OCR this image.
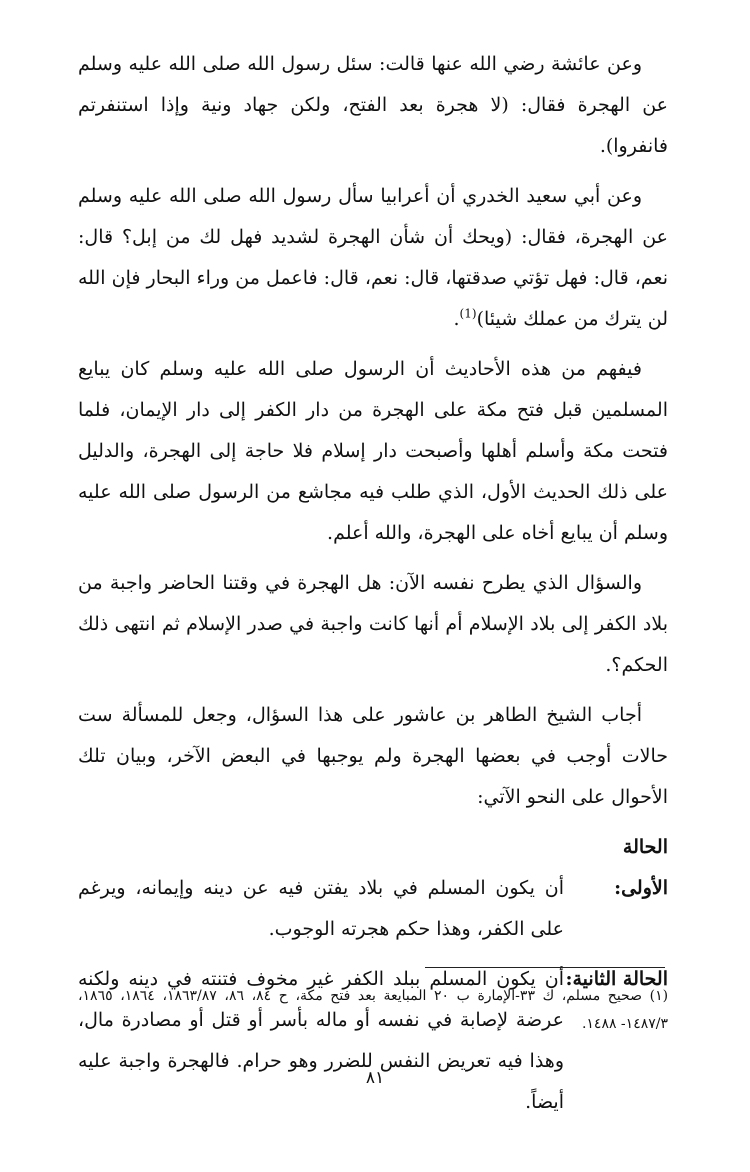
وعن عائشة رضي الله عنها قالت: سئل رسول الله صلى الله عليه وسلم عن الهجرة فقال: (لا هجرة بعد الفتح، ولكن جهاد ونية وإذا استنفرتم فانفروا).

وعن أبي سعيد الخدري أن أعرابيا سأل رسول الله صلى الله عليه وسلم عن الهجرة، فقال: (ويحك أن شأن الهجرة لشديد فهل لك من إبل؟ قال: نعم، قال: فهل تؤتي صدقتها، قال: نعم، قال: فاعمل من وراء البحار فإن الله لن يترك من عملك شيئا)$^{(1)}$.

فيفهم من هذه الأحاديث أن الرسول صلى الله عليه وسلم كان يبايع المسلمين قبل فتح مكة على الهجرة من دار الكفر إلى دار الإيمان، فلما فتحت مكة وأسلم أهلها وأصبحت دار إسلام فلا حاجة إلى الهجرة، والدليل على ذلك الحديث الأول، الذي طلب فيه مجاشع من الرسول صلى الله عليه وسلم أن يبايع أخاه على الهجرة، والله أعلم.

والسؤال الذي يطرح نفسه الآن: هل الهجرة في وقتنا الحاضر واجبة من بلاد الكفر إلى بلاد الإسلام أم أنها كانت واجبة في صدر الإسلام ثم انتهى ذلك الحكم؟.

أجاب الشيخ الطاهر بن عاشور على هذا السؤال، وجعل للمسألة ست حالات أوجب في بعضها الهجرة ولم يوجبها في البعض الآخر، وبيان تلك الأحوال على النحو الآتي:

الحالة الأولى:أن يكون المسلم في بلاد يفتن فيه عن دينه وإيمانه، ويرغم على الكفر، وهذا حكم هجرته الوجوب.

الحالة الثانية:أن يكون المسلم ببلد الكفر غير مخوف فتنته في دينه ولكنه عرضة لإصابة في نفسه أو ماله بأسر أو قتل أو مصادرة مال، وهذا فيه تعريض النفس للضرر وهو حرام. فالهجرة واجبة عليه أيضاً.

(١) صحيح مسلم، ك ٣٣-الإمارة ب ٢٠ المبايعة بعد فتح مكة، ح ٨٤، ٨٦، ١٨٦٣/٨٧، ١٨٦٤، ١٨٦٥، ١٤٨٧/٣- ١٤٨٨.
٨١
